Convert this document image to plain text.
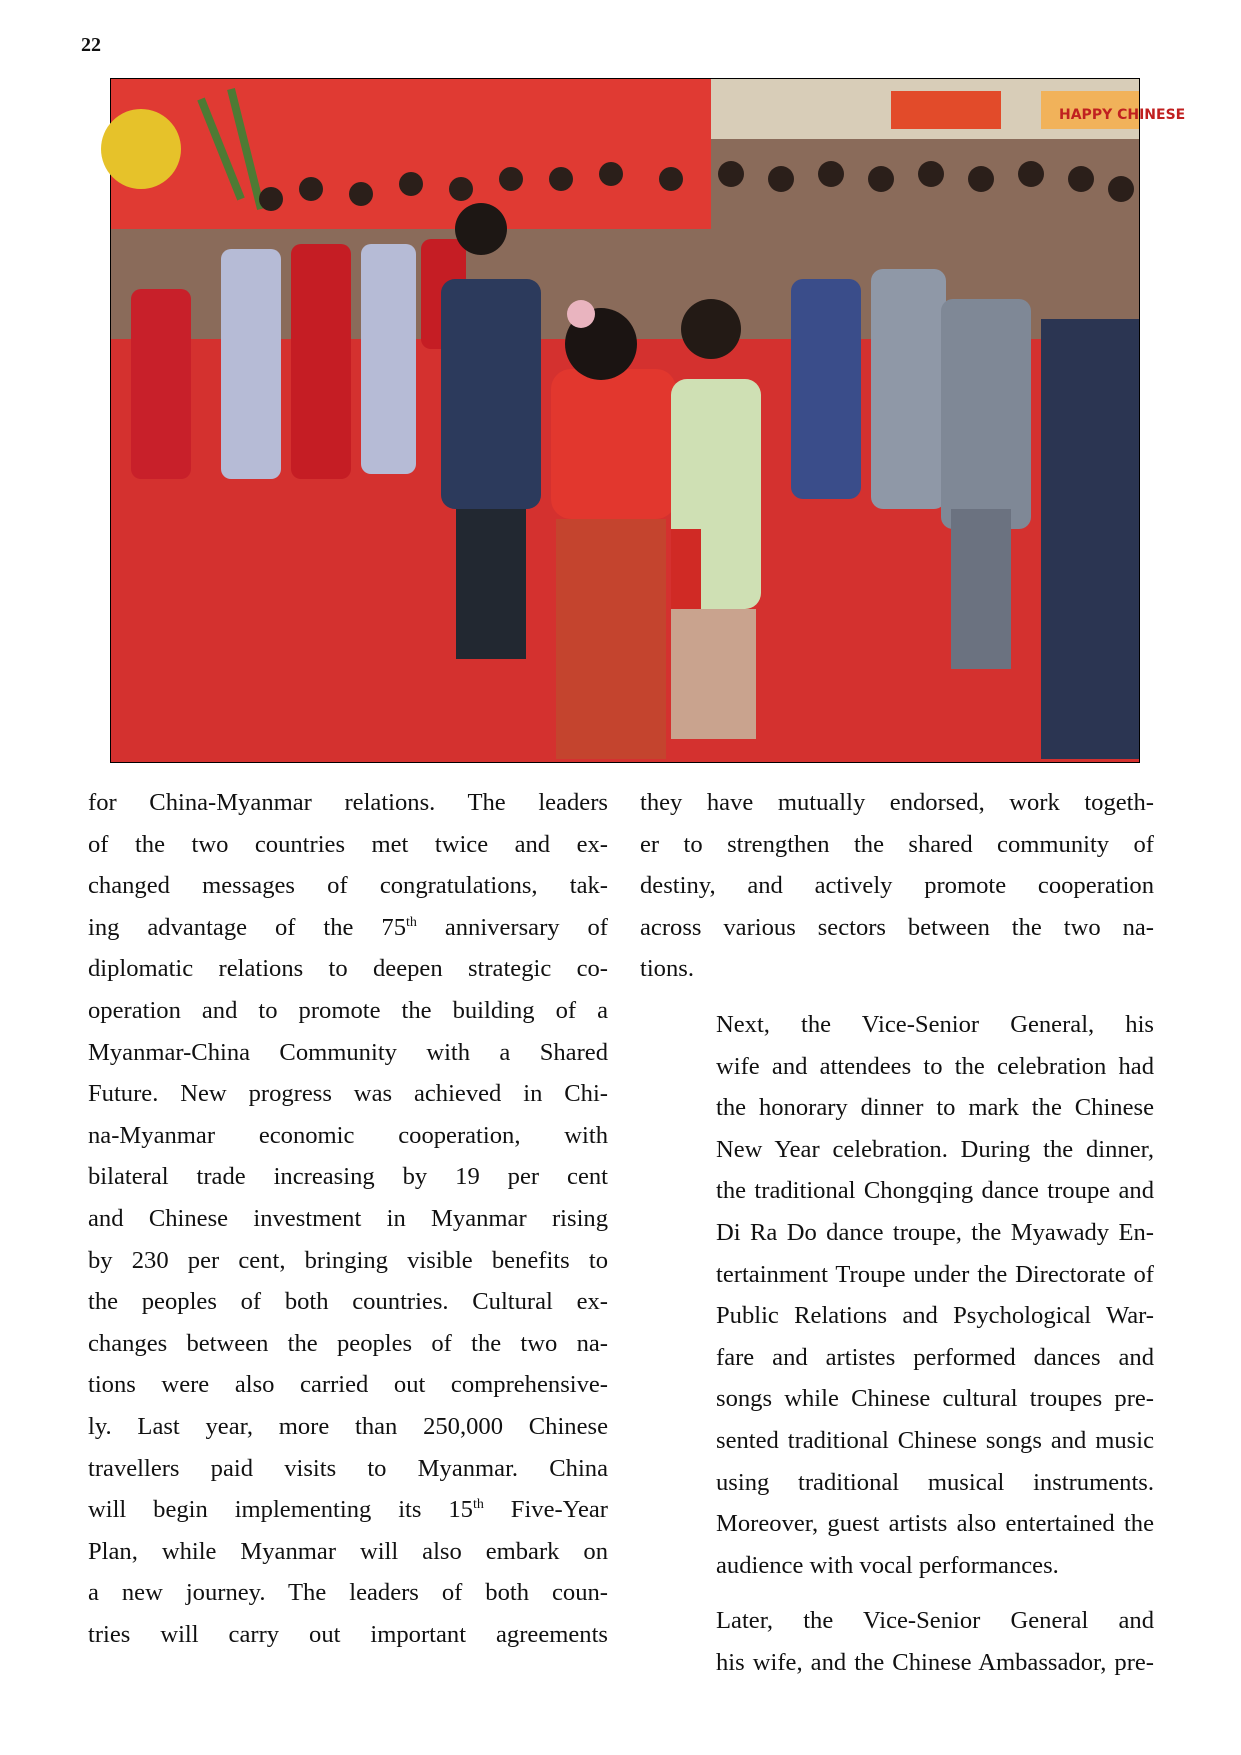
22
HAPPY CHINESE

for China-Myanmar relations. The leaders
of the two countries met twice and ex-
changed messages of congratulations, tak-
ing advantage of the 75th anniversary of
diplomatic relations to deepen strategic co-
operation and to promote the building of a
Myanmar-China Community with a Shared
Future. New progress was achieved in Chi-
na-Myanmar economic cooperation, with
bilateral trade increasing by 19 per cent
and Chinese investment in Myanmar rising
by 230 per cent, bringing visible benefits to
the peoples of both countries. Cultural ex-
changes between the peoples of the two na-
tions were also carried out comprehensive-
ly. Last year, more than 250,000 Chinese
travellers paid visits to Myanmar. China
will begin implementing its 15th Five-Year
Plan, while Myanmar will also embark on
a new journey. The leaders of both coun-
tries will carry out important agreements

they have mutually endorsed, work togeth-
er to strengthen the shared community of
destiny, and actively promote cooperation
across various sectors between the two na-
tions.

Next, the Vice-Senior General, his
wife and attendees to the celebration had
the honorary dinner to mark the Chinese
New Year celebration. During the dinner,
the traditional Chongqing dance troupe and
Di Ra Do dance troupe, the Myawady En-
tertainment Troupe under the Directorate of
Public Relations and Psychological War-
fare and artistes performed dances and
songs while Chinese cultural troupes pre-
sented traditional Chinese songs and music
using traditional musical instruments.
Moreover, guest artists also entertained the
audience with vocal performances.

Later, the Vice-Senior General and
his wife, and the Chinese Ambassador, pre-
